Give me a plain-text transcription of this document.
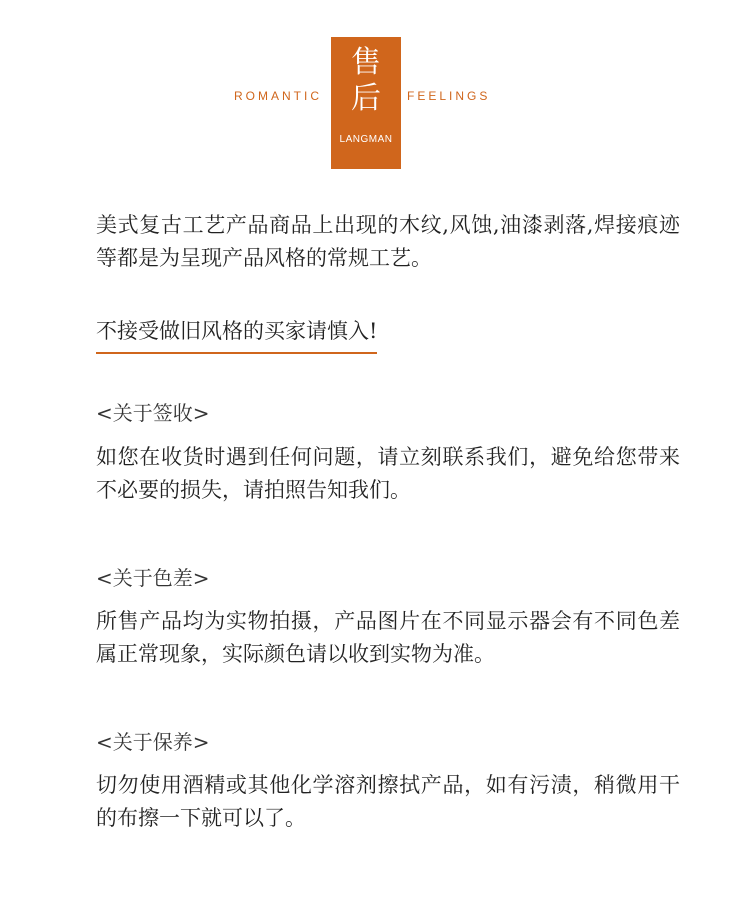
ROMANTIC
售
后
LANGMAN
FEELINGS

美式复古工艺产品商品上出现的木纹,风蚀,油漆剥落,焊接痕迹等都是为呈现产品风格的常规工艺。

不接受做旧风格的买家请慎入!

<关于签收>

如您在收货时遇到任何问题，请立刻联系我们，避免给您带来不必要的损失，请拍照告知我们。

<关于色差>

所售产品均为实物拍摄，产品图片在不同显示器会有不同色差属正常现象，实际颜色请以收到实物为准。

<关于保养>

切勿使用酒精或其他化学溶剂擦拭产品，如有污渍，稍微用干的布擦一下就可以了。
